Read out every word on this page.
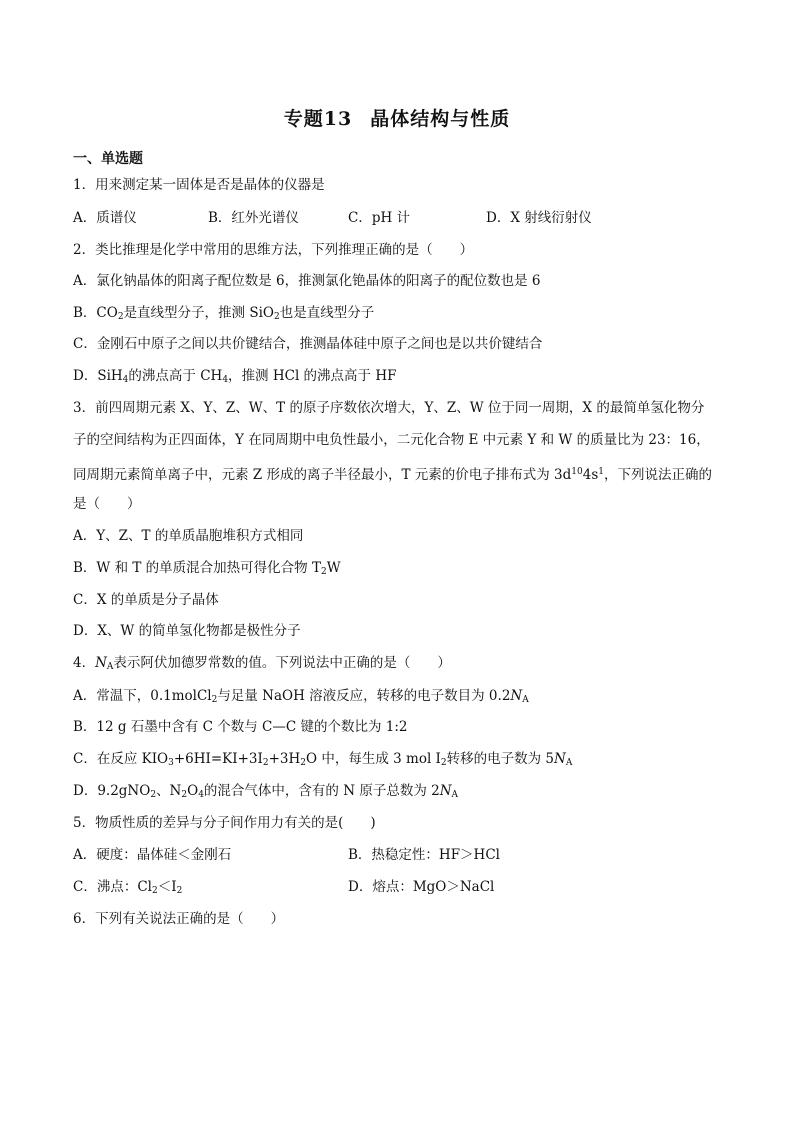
专题13 晶体结构与性质
一、单选题
1．用来测定某一固体是否是晶体的仪器是
A．质谱仪	B．红外光谱仪	C．pH 计	D．X 射线衍射仪
2．类比推理是化学中常用的思维方法，下列推理正确的是（　　）
A．氯化钠晶体的阳离子配位数是 6，推测氯化铯晶体的阳离子的配位数也是 6
B．$CO_2$是直线型分子，推测 SiO$_2$也是直线型分子
C．金刚石中原子之间以共价键结合，推测晶体硅中原子之间也是以共价键结合
D．SiH$_4$的沸点高于 $CH_4$，推测 HCl 的沸点高于 HF
3．前四周期元素 X、Y、Z、W、T 的原子序数依次增大，Y、Z、W 位于同一周期，X 的最简单氢化物分
子的空间结构为正四面体，Y 在同周期中电负性最小，二元化合物 E 中元素 Y 和 W 的质量比为 23：16，
同周期元素简单离子中，元素 Z 形成的离子半径最小，T 元素的价电子排布式为 $3d^{10}4s^1$，下列说法正确的
是（　　）
A．Y、Z、T 的单质晶胞堆积方式相同
B．W 和 T 的单质混合加热可得化合物 $T_2W$
C．X 的单质是分子晶体
D．X、W 的简单氢化物都是极性分子
4．$N_A$表示阿伏加德罗常数的值。下列说法中正确的是（　　）
A．常温下，0.1molCl$_2$与足量 NaOH 溶液反应，转移的电子数目为 $0.2N_A$
B．12 g 石墨中含有 C 个数与 C—C 键的个数比为 1:2
C．在反应 $KIO_3+6HI=KI+3I_2+3H_2O$ 中，每生成 3 mol $I_2$转移的电子数为 $5N_A$
D．9.2gNO$_2$、$N_2O_4$的混合气体中，含有的 N 原子总数为 $2N_A$
5．物质性质的差异与分子间作用力有关的是(　　)
A．硬度：晶体硅＜金刚石	B．热稳定性：HF＞HCl
C．沸点：$Cl_2<I_2$	D．熔点：MgO＞NaCl
6．下列有关说法正确的是（　　）
